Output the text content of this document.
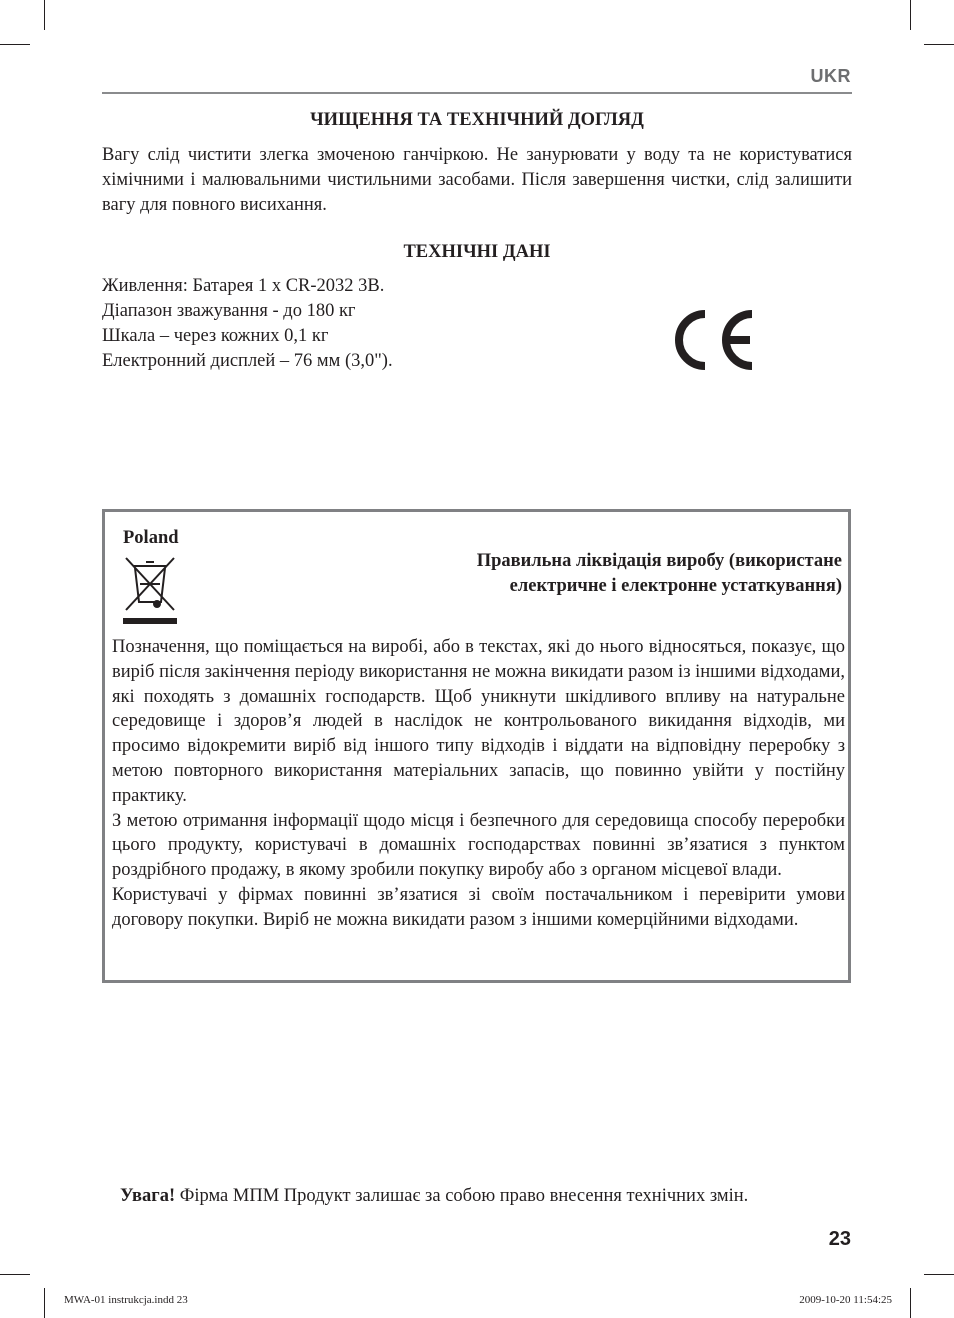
UKR
ЧИЩЕННЯ ТА ТЕХНІЧНИЙ ДОГЛЯД

Вагу слід чистити злегка змоченою ганчіркою. Не занурювати у воду та не користуватися хімічними і малювальними чистильними засобами. Після завершення чистки, слід залишити вагу для повного висихання.

ТЕХНІЧНІ ДАНІ
Живлення: Батарея 1 х CR-2032 3В.
Діапазон зважування - до 180 кг
Шкала – через кожних 0,1 кг
Електронний дисплей – 76 мм (3,0").
Poland
Правильна ліквідація виробу (використане
електричне і електронне устаткування)

Позначення, що поміщається на виробі, або в текстах, які до нього відносяться, показує, що виріб після закінчення періоду використання не можна викидати разом із іншими відходами, які походять з домашніх господарств. Щоб уникнути шкідливого впливу на натуральне середовище і здоров’я людей в наслідок не контрольованого викидання відходів, ми просимо відокремити виріб від іншого типу відходів і віддати на відповідну переробку з метою повторного використання матеріальних запасів, що повинно увійти у постійну практику.

З метою отримання інформації щодо місця і безпечного для середовища способу переробки цього продукту, користувачі в домашніх господарствах повинні зв’язатися з пунктом роздрібного продажу, в якому зробили покупку виробу або з органом місцевої влади.

Користувачі у фірмах повинні зв’язатися зі своїм постачальником і перевірити умови договору покупки. Виріб не можна викидати разом з іншими комерційними відходами.

Увага! Фірма МПМ Продукт залишає за собою право внесення технічних змін.
23
MWA-01 instrukcja.indd 23	2009-10-20 11:54:25
